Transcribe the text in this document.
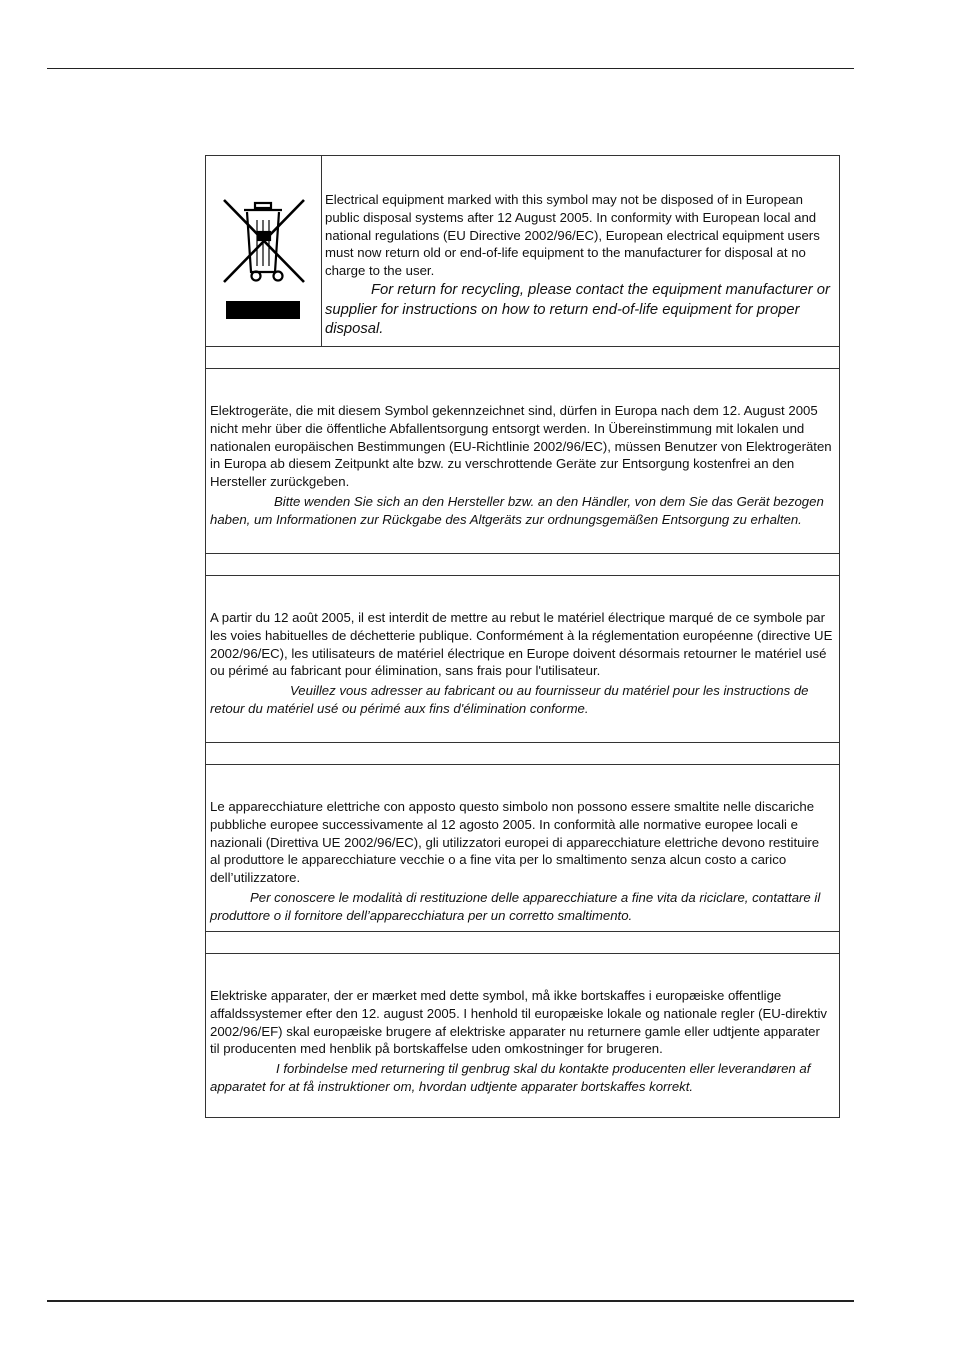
Electrical equipment marked with this symbol may not be disposed of in European public disposal systems after 12 August 2005. In conformity with European local and national regulations (EU Directive 2002/96/EC), European electrical equipment users must now return old or end-of-life equipment to the manufacturer for disposal at no charge to the user.

For return for recycling, please contact the equipment manufacturer or supplier for instructions on how to return end-of-life equipment for proper disposal.

Elektrogeräte, die mit diesem Symbol gekennzeichnet sind, dürfen in Europa nach dem 12. August 2005 nicht mehr über die öffentliche Abfallentsorgung entsorgt werden. In Übereinstimmung mit lokalen und nationalen europäischen Bestimmungen (EU-Richtlinie 2002/96/EC), müssen Benutzer von Elektrogeräten in Europa ab diesem Zeitpunkt alte bzw. zu verschrottende Geräte zur Entsorgung kostenfrei an den Hersteller zurückgeben.

Bitte wenden Sie sich an den Hersteller bzw. an den Händler, von dem Sie das Gerät bezogen haben, um Informationen zur Rückgabe des Altgeräts zur ordnungsgemäßen Entsorgung zu erhalten.

A partir du 12 août 2005, il est interdit de mettre au rebut le matériel électrique marqué de ce symbole par les voies habituelles de déchetterie publique. Conformément à la réglementation européenne (directive UE 2002/96/EC), les utilisateurs de matériel électrique en Europe doivent désormais retourner le matériel usé ou périmé au fabricant pour élimination, sans frais pour l'utilisateur.

Veuillez vous adresser au fabricant ou au fournisseur du matériel pour les instructions de retour du matériel usé ou périmé aux fins d'élimination conforme.

Le apparecchiature elettriche con apposto questo simbolo non possono essere smaltite nelle discariche pubbliche europee successivamente al 12 agosto 2005. In conformità alle normative europee locali e nazionali (Direttiva UE 2002/96/EC), gli utilizzatori europei di apparecchiature elettriche devono restituire al produttore le apparecchiature vecchie o a fine vita per lo smaltimento senza alcun costo a carico dell’utilizzatore.

Per conoscere le modalità di restituzione delle apparecchiature a fine vita da riciclare, contattare il produttore o il fornitore dell’apparecchiatura per un corretto smaltimento.

Elektriske apparater, der er mærket med dette symbol, må ikke bortskaffes i europæiske offentlige affaldssystemer efter den 12. august 2005. I henhold til europæiske lokale og nationale regler (EU-direktiv 2002/96/EF) skal europæiske brugere af elektriske apparater nu returnere gamle eller udtjente apparater til producenten med henblik på bortskaffelse uden omkostninger for brugeren.

I forbindelse med returnering til genbrug skal du kontakte producenten eller leverandøren af apparatet for at få instruktioner om, hvordan udtjente apparater bortskaffes korrekt.
